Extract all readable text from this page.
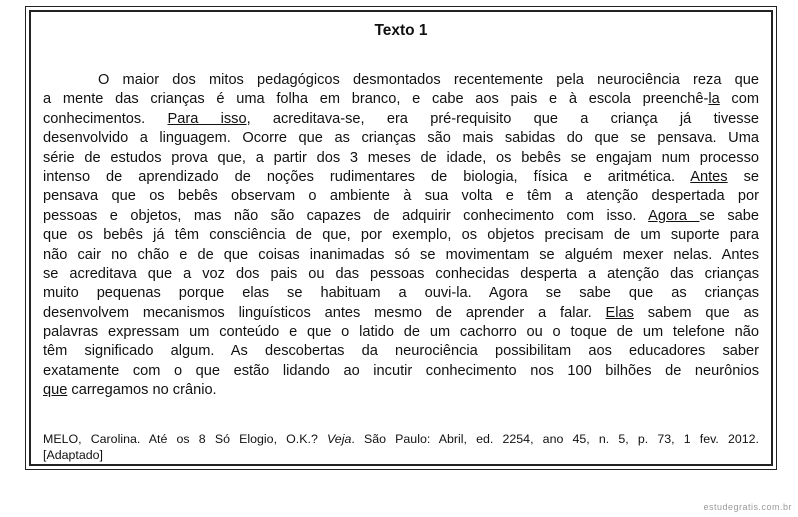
Texto 1
O maior dos mitos pedagógicos desmontados recentemente pela neurociência reza que
a mente das crianças é uma folha em branco, e cabe aos pais e à escola preenchê-la com
conhecimentos. Para isso, acreditava-se, era pré-requisito que a criança já tivesse
desenvolvido a linguagem. Ocorre que as crianças são mais sabidas do que se pensava. Uma
série de estudos prova que, a partir dos 3 meses de idade, os bebês se engajam num processo
intenso de aprendizado de noções rudimentares de biologia, física e aritmética. Antes se
pensava que os bebês observam o ambiente à sua volta e têm a atenção despertada por
pessoas e objetos, mas não são capazes de adquirir conhecimento com isso. Agora se sabe
que os bebês já têm consciência de que, por exemplo, os objetos precisam de um suporte para
não cair no chão e de que coisas inanimadas só se movimentam se alguém mexer nelas. Antes
se acreditava que a voz dos pais ou das pessoas conhecidas desperta a atenção das crianças
muito pequenas porque elas se habituam a ouvi-la. Agora se sabe que as crianças
desenvolvem mecanismos linguísticos antes mesmo de aprender a falar. Elas sabem que as
palavras expressam um conteúdo e que o latido de um cachorro ou o toque de um telefone não
têm significado algum. As descobertas da neurociência possibilitam aos educadores saber
exatamente com o que estão lidando ao incutir conhecimento nos 100 bilhões de neurônios
que carregamos no crânio.
MELO, Carolina. Até os 8 Só Elogio, O.K.? Veja. São Paulo: Abril, ed. 2254, ano 45, n. 5, p. 73, 1 fev. 2012.
[Adaptado]
estudegratis.com.br
